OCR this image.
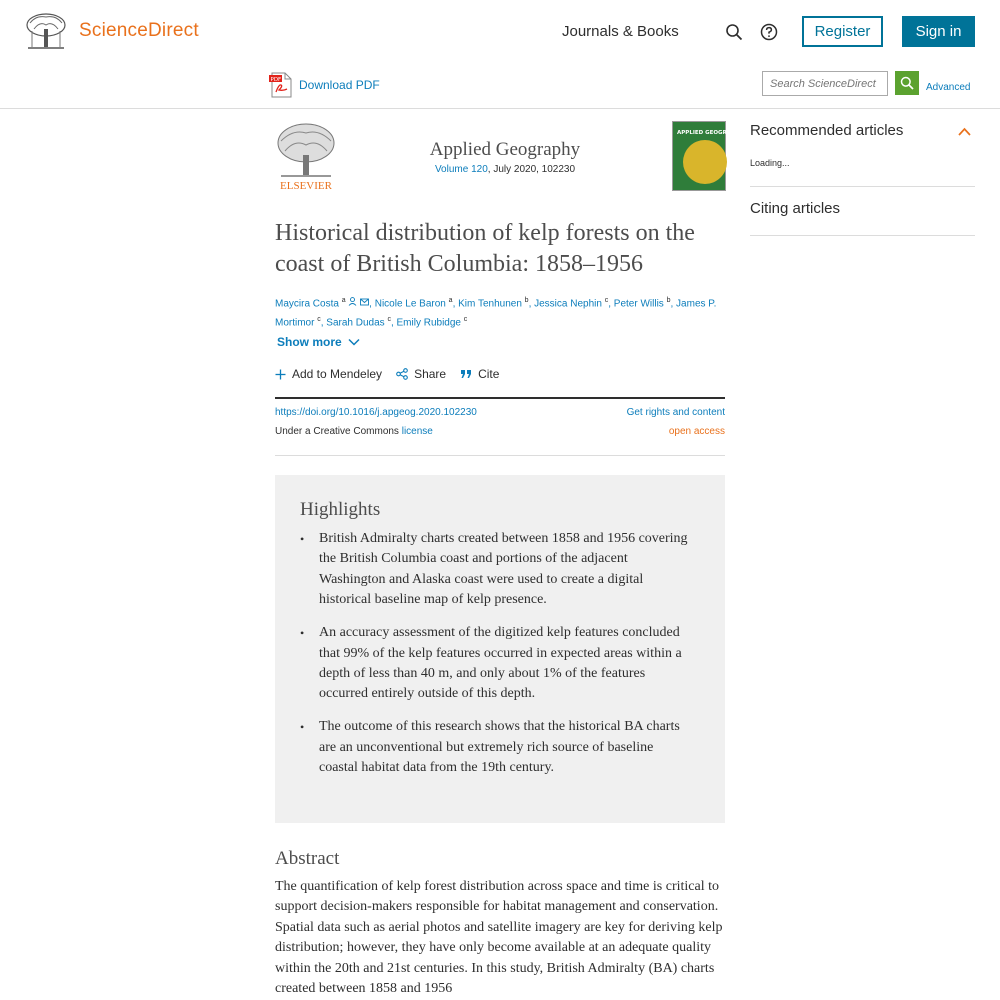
ScienceDirect	Journals & Books	Register	Sign in
PDF Download PDF
Search ScienceDirect	Advanced
ELSEVIER
Applied Geography
Volume 120, July 2020, 102230
APPLIED GEOGRAPHY
Historical distribution of kelp forests on the coast of British Columbia: 1858–1956
Maycira Costa $^a$ , Nicole Le Baron $^a$, Kim Tenhunen $^b$, Jessica Nephin $^c$, Peter Willis $^b$, James P. Mortimor $^c$, Sarah Dudas $^c$, Emily Rubidge $^c$
Show more
Add to Mendeley	Share	Cite
https://doi.org/10.1016/j.apgeog.2020.102230
Under a Creative Commons license
Get rights and content
open access
Highlights
• British Admiralty charts created between 1858 and 1956 covering the British Columbia coast and portions of the adjacent Washington and Alaska coast were used to create a digital historical baseline map of kelp presence.
• An accuracy assessment of the digitized kelp features concluded that 99% of the kelp features occurred in expected areas within a depth of less than 40 m, and only about 1% of the features occurred entirely outside of this depth.
• The outcome of this research shows that the historical BA charts are an unconventional but extremely rich source of baseline coastal habitat data from the 19th century.
Abstract

The quantification of kelp forest distribution across space and time is critical to support decision-makers responsible for habitat management and conservation. Spatial data such as aerial photos and satellite imagery are key for deriving kelp distribution; however, they have only become available at an adequate quality within the 20th and 21st centuries. In this study, British Admiralty (BA) charts created between 1858 and 1956

Recommended articles
Loading...
Citing articles
